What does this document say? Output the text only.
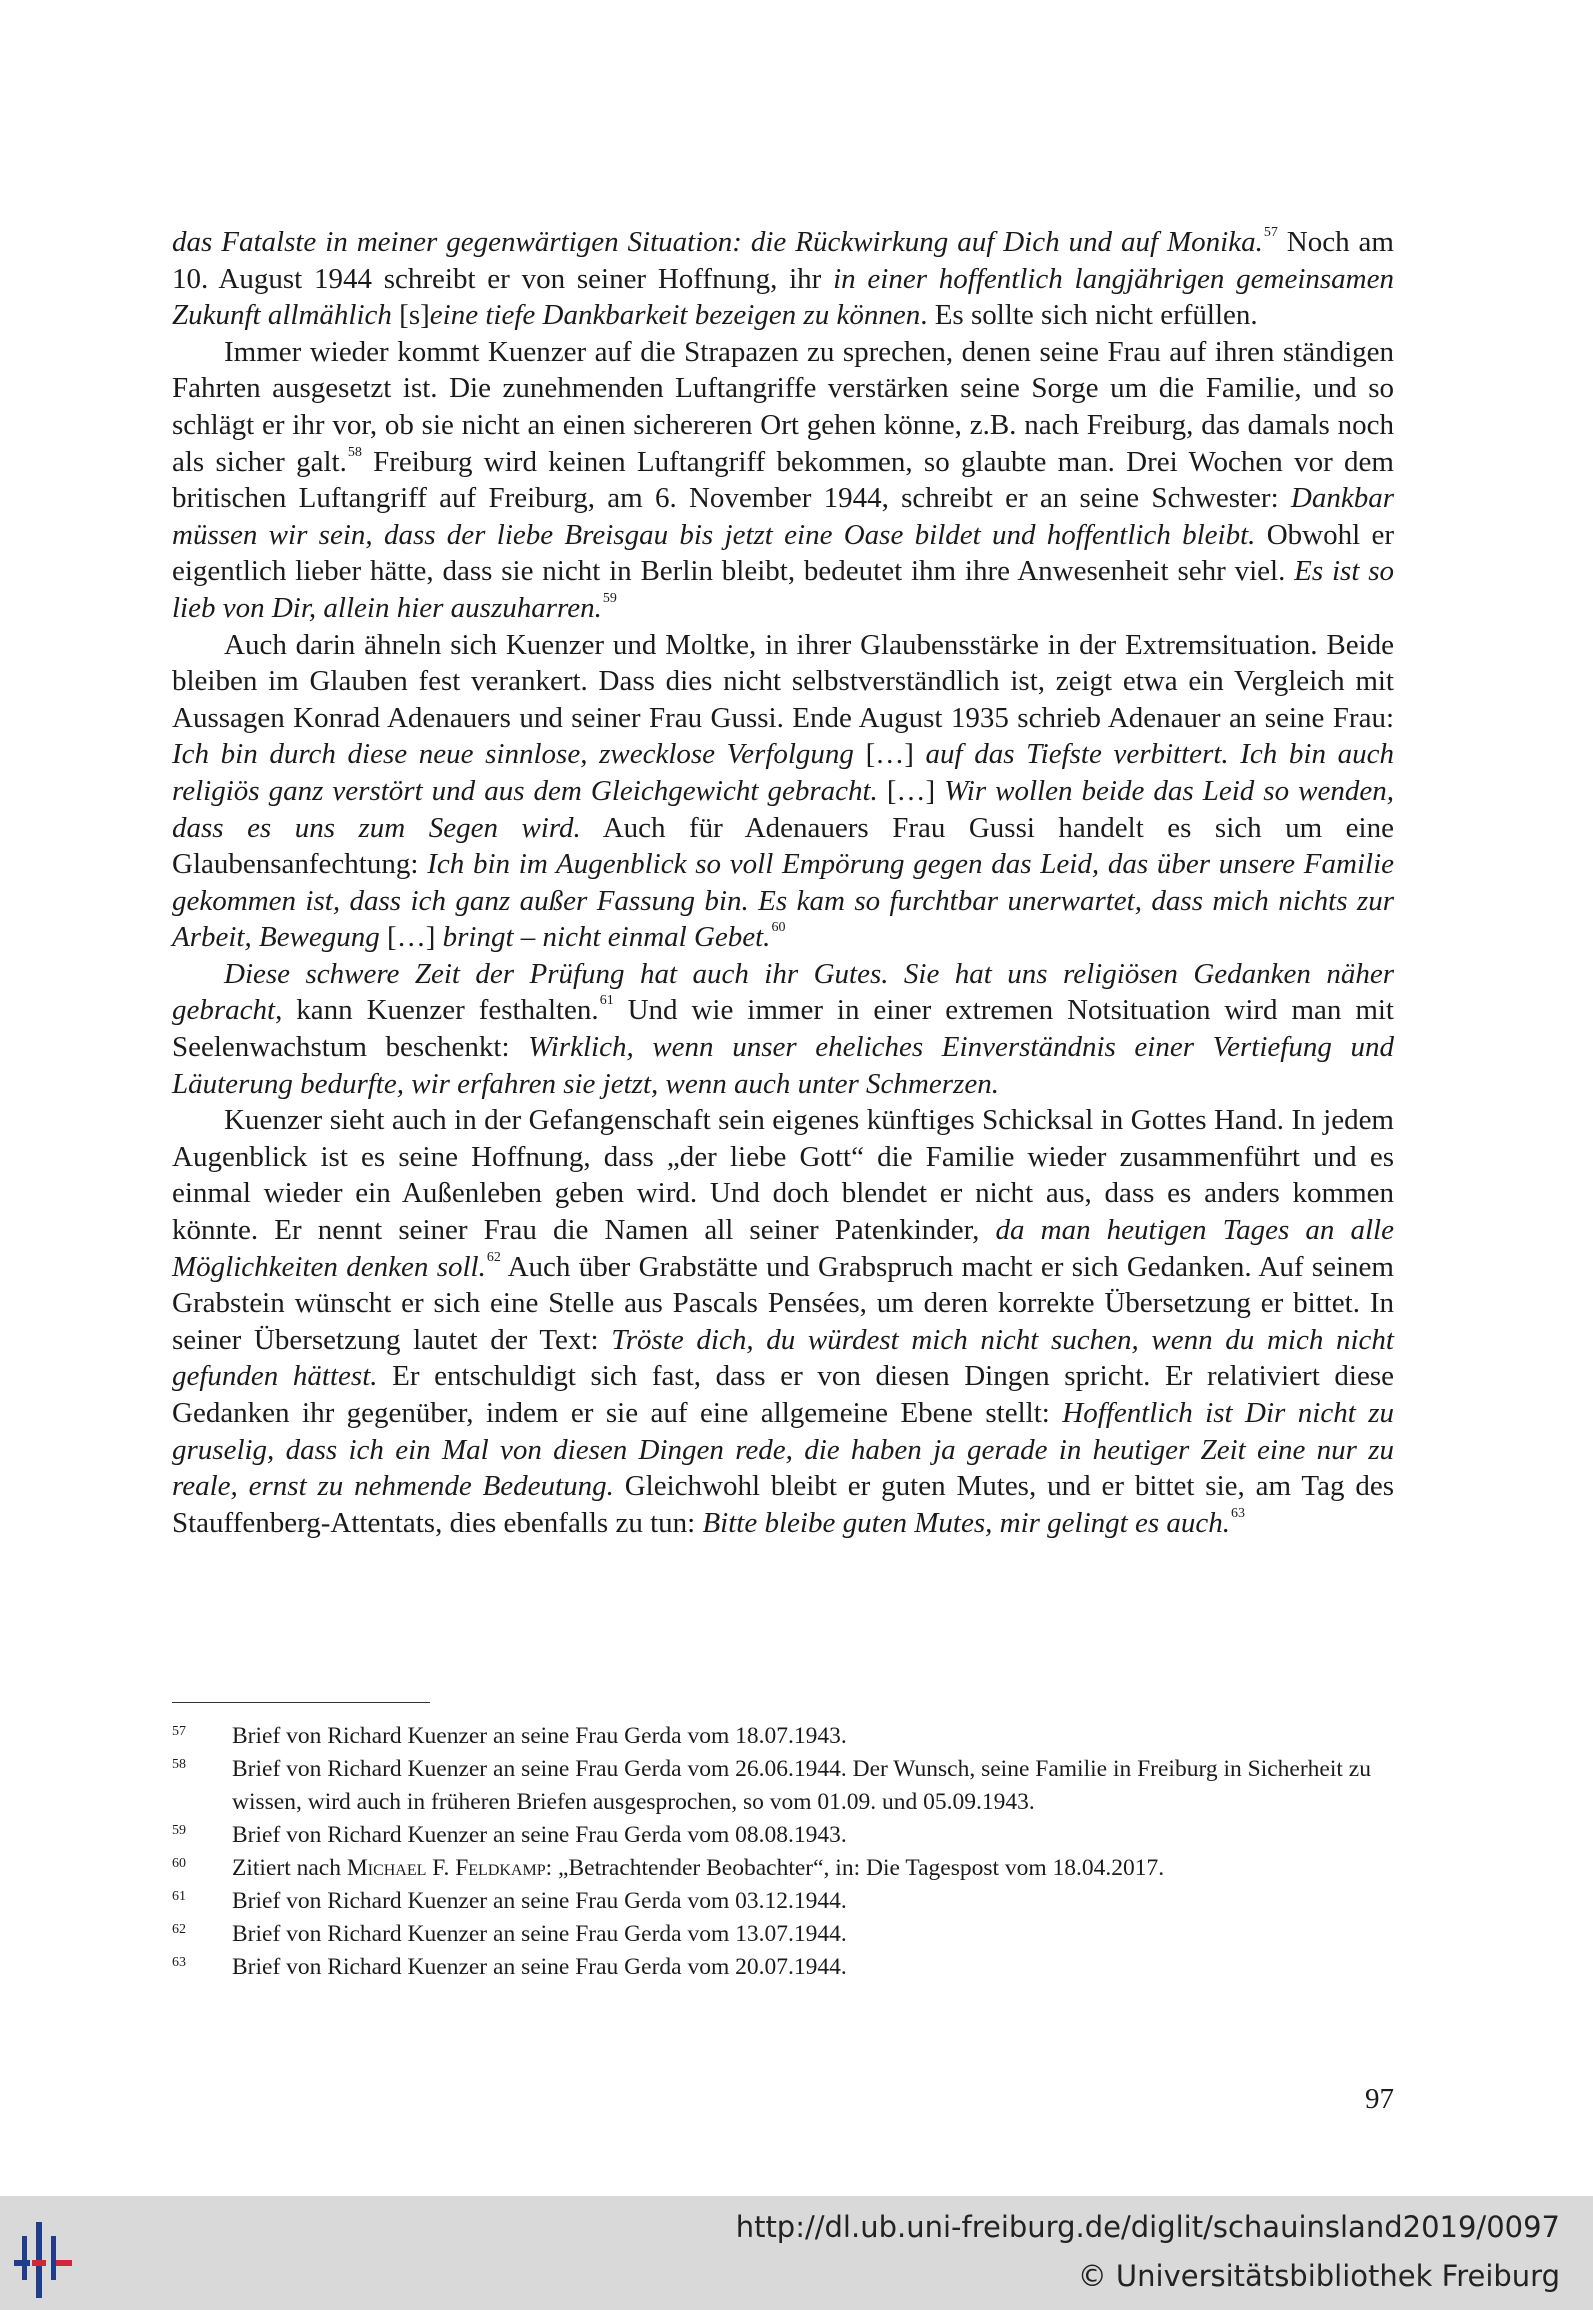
das Fatalste in meiner gegenwärtigen Situation: die Rückwirkung auf Dich und auf Monika.$^{57}$ Noch am 10. August 1944 schreibt er von seiner Hoffnung, ihr in einer hoffentlich langjährigen gemeinsamen Zukunft allmählich [s]eine tiefe Dankbarkeit bezeigen zu können. Es sollte sich nicht erfüllen.

Immer wieder kommt Kuenzer auf die Strapazen zu sprechen, denen seine Frau auf ihren ständigen Fahrten ausgesetzt ist. Die zunehmenden Luftangriffe verstärken seine Sorge um die Familie, und so schlägt er ihr vor, ob sie nicht an einen sichereren Ort gehen könne, z.B. nach Freiburg, das damals noch als sicher galt.$^{58}$ Freiburg wird keinen Luftangriff bekommen, so glaubte man. Drei Wochen vor dem britischen Luftangriff auf Freiburg, am 6. November 1944, schreibt er an seine Schwester: Dankbar müssen wir sein, dass der liebe Breisgau bis jetzt eine Oase bildet und hoffentlich bleibt. Obwohl er eigentlich lieber hätte, dass sie nicht in Berlin bleibt, bedeutet ihm ihre Anwesenheit sehr viel. Es ist so lieb von Dir, allein hier auszuharren.$^{59}$

Auch darin ähneln sich Kuenzer und Moltke, in ihrer Glaubensstärke in der Extremsituation. Beide bleiben im Glauben fest verankert. Dass dies nicht selbstverständlich ist, zeigt etwa ein Vergleich mit Aussagen Konrad Adenauers und seiner Frau Gussi. Ende August 1935 schrieb Adenauer an seine Frau: Ich bin durch diese neue sinnlose, zwecklose Verfolgung […] auf das Tiefste verbittert. Ich bin auch religiös ganz verstört und aus dem Gleichgewicht gebracht. […] Wir wollen beide das Leid so wenden, dass es uns zum Segen wird. Auch für Adenauers Frau Gussi handelt es sich um eine Glaubensanfechtung: Ich bin im Augenblick so voll Empörung gegen das Leid, das über unsere Familie gekommen ist, dass ich ganz außer Fassung bin. Es kam so furchtbar unerwartet, dass mich nichts zur Arbeit, Bewegung […] bringt – nicht einmal Gebet.$^{60}$

Diese schwere Zeit der Prüfung hat auch ihr Gutes. Sie hat uns religiösen Gedanken näher gebracht, kann Kuenzer festhalten.$^{61}$ Und wie immer in einer extremen Notsituation wird man mit Seelenwachstum beschenkt: Wirklich, wenn unser eheliches Einverständnis einer Vertiefung und Läuterung bedurfte, wir erfahren sie jetzt, wenn auch unter Schmerzen.

Kuenzer sieht auch in der Gefangenschaft sein eigenes künftiges Schicksal in Gottes Hand. In jedem Augenblick ist es seine Hoffnung, dass „der liebe Gott“ die Familie wieder zusammenführt und es einmal wieder ein Außenleben geben wird. Und doch blendet er nicht aus, dass es anders kommen könnte. Er nennt seiner Frau die Namen all seiner Patenkinder, da man heutigen Tages an alle Möglichkeiten denken soll.$^{62}$ Auch über Grabstätte und Grabspruch macht er sich Gedanken. Auf seinem Grabstein wünscht er sich eine Stelle aus Pascals Pensées, um deren korrekte Übersetzung er bittet. In seiner Übersetzung lautet der Text: Tröste dich, du würdest mich nicht suchen, wenn du mich nicht gefunden hättest. Er entschuldigt sich fast, dass er von diesen Dingen spricht. Er relativiert diese Gedanken ihr gegenüber, indem er sie auf eine allgemeine Ebene stellt: Hoffentlich ist Dir nicht zu gruselig, dass ich ein Mal von diesen Dingen rede, die haben ja gerade in heutiger Zeit eine nur zu reale, ernst zu nehmende Bedeutung. Gleichwohl bleibt er guten Mutes, und er bittet sie, am Tag des Stauffenberg-Attentats, dies ebenfalls zu tun: Bitte bleibe guten Mutes, mir gelingt es auch.$^{63}$

57	Brief von Richard Kuenzer an seine Frau Gerda vom 18.07.1943.
58	Brief von Richard Kuenzer an seine Frau Gerda vom 26.06.1944. Der Wunsch, seine Familie in Freiburg in Sicherheit zu wissen, wird auch in früheren Briefen ausgesprochen, so vom 01.09. und 05.09.1943.
59	Brief von Richard Kuenzer an seine Frau Gerda vom 08.08.1943.
60	Zitiert nach Michael F. Feldkamp: „Betrachtender Beobachter“, in: Die Tagespost vom 18.04.2017.
61	Brief von Richard Kuenzer an seine Frau Gerda vom 03.12.1944.
62	Brief von Richard Kuenzer an seine Frau Gerda vom 13.07.1944.
63	Brief von Richard Kuenzer an seine Frau Gerda vom 20.07.1944.
97
http://dl.ub.uni-freiburg.de/diglit/schauinsland2019/0097
© Universitätsbibliothek Freiburg
